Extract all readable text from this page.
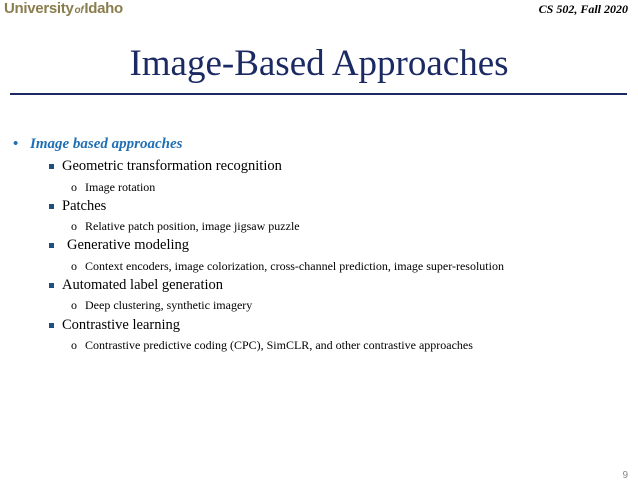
UniversityofIdaho	CS 502, Fall 2020
Image-Based Approaches
• Image based approaches
Geometric transformation recognition
o Image rotation
Patches
o Relative patch position, image jigsaw puzzle
Generative modeling
o Context encoders, image colorization, cross-channel prediction, image super-resolution
Automated label generation
o Deep clustering, synthetic imagery
Contrastive learning
o Contrastive predictive coding (CPC), SimCLR, and other contrastive approaches
9
